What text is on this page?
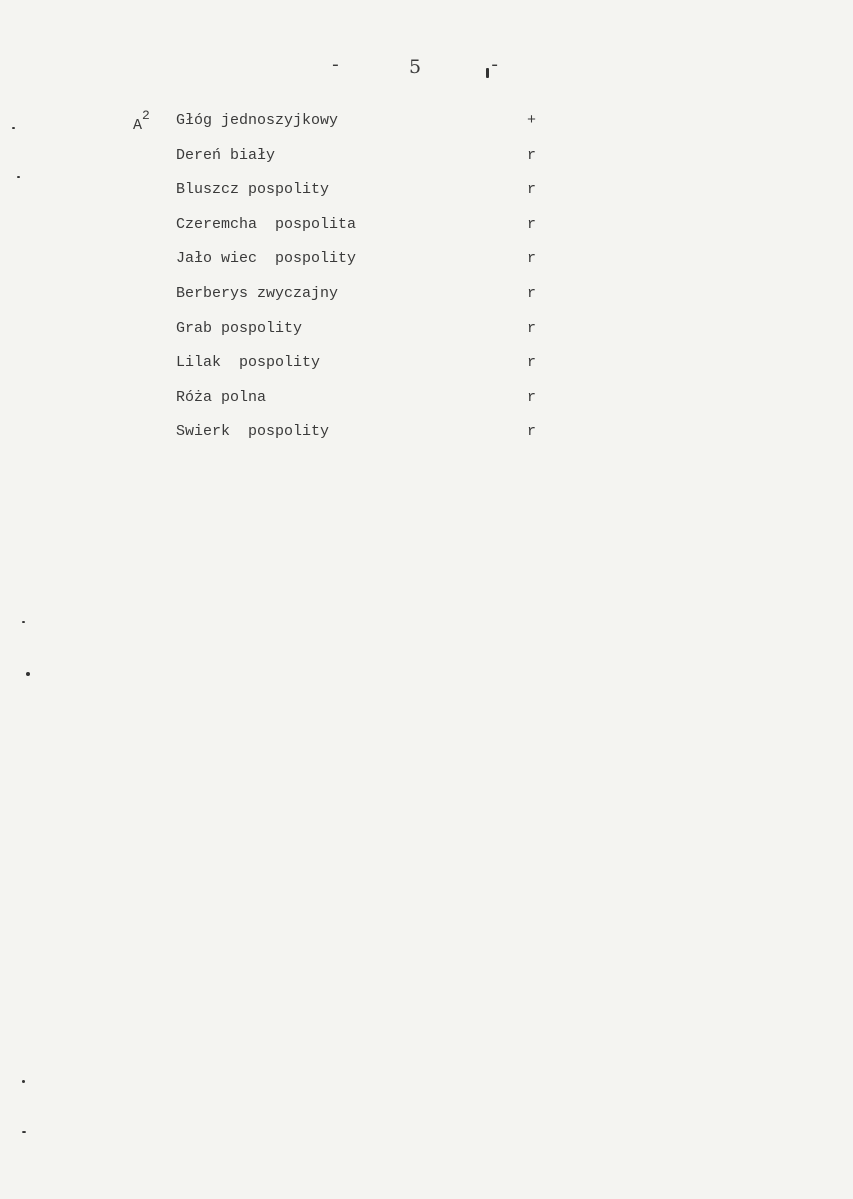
-	5	-
$A^2$ Głóg jednoszyjkowy	+
Dereń biały	r
Bluszcz pospolity	r
Czeremcha  pospolita	r
Jało wiec  pospolity	r
Berberys zwyczajny	r
Grab pospolity	r
Lilak  pospolity	r
Róża polna	r
Swierk  pospolity	r
